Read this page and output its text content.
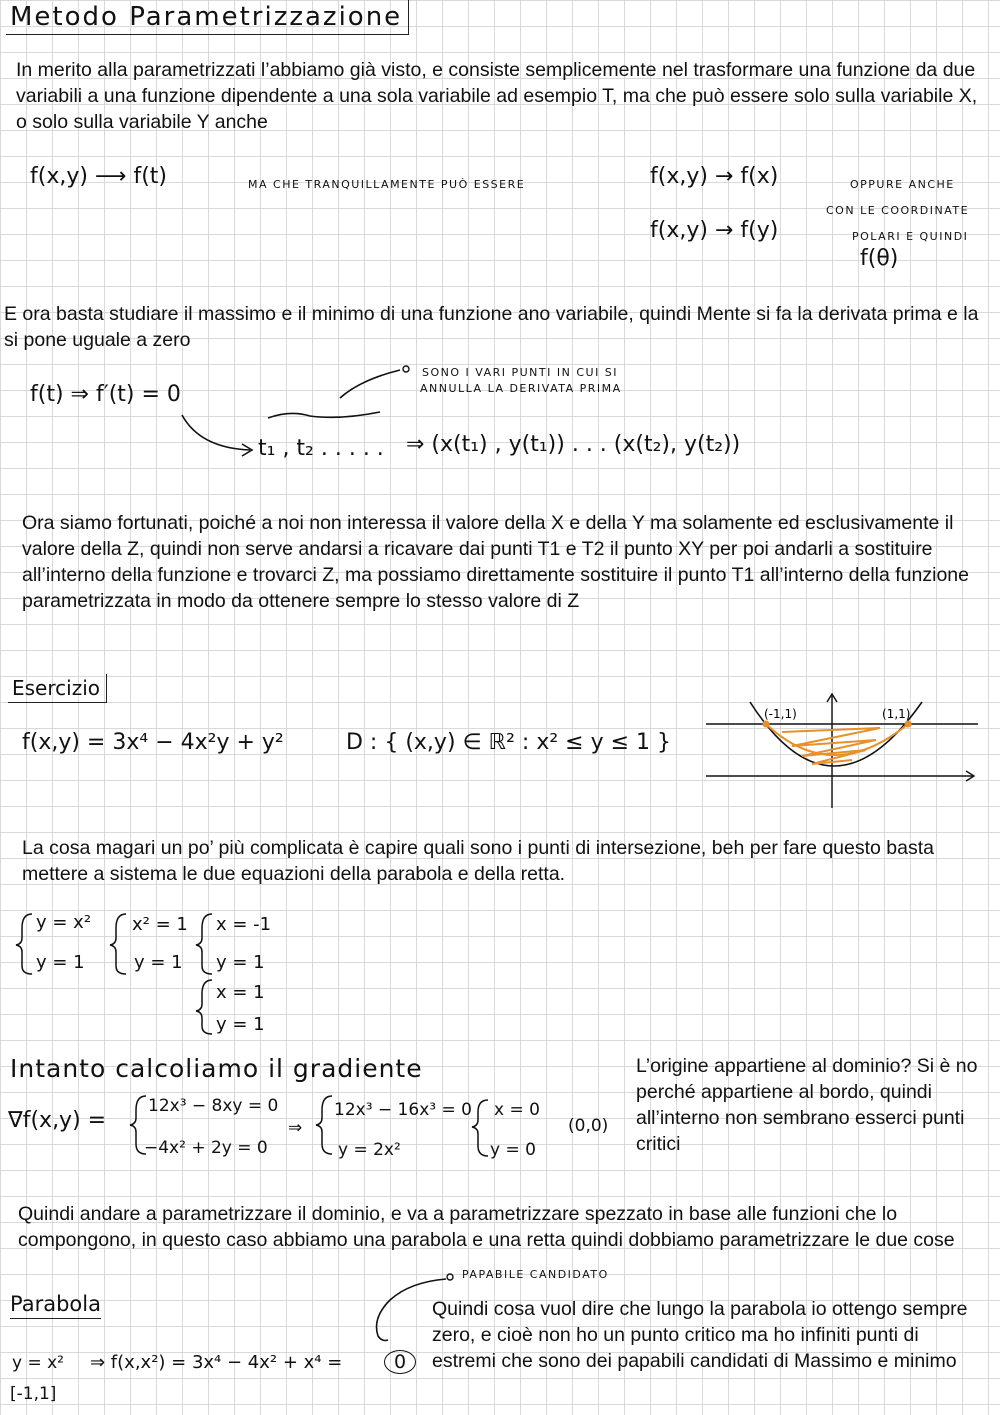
Metodo Parametrizzazione

In merito alla parametrizzati l’abbiamo già visto, e consiste semplicemente nel trasformare una funzione da due variabili a una funzione dipendente a una sola variabile ad esempio T, ma che può essere solo sulla variabile X, o solo sulla variabile Y anche

f(x,y) ⟶ f(t)	MA CHE TRANQUILLAMENTE PUÒ ESSERE	f(x,y) → f(x)	OPPURE ANCHE
CON LE COORDINATE
f(x,y) → f(y)	POLARI E QUINDI
f(θ)

E ora basta studiare il massimo e il minimo di una funzione ano variabile, quindi Mente si fa la derivata prima e la si pone uguale a zero

f(t) ⇒ f′(t) = 0
SONO I VARI PUNTI IN CUI SI
ANNULLA LA DERIVATA PRIMA
t₁ , t₂ . . . . . ⇒ (x(t₁) , y(t₁)) . . . (x(t₂), y(t₂))

Ora siamo fortunati, poiché a noi non interessa il valore della X e della Y ma solamente ed esclusivamente il valore della Z, quindi non serve andarsi a ricavare dai punti T1 e T2 il punto XY per poi andarli a sostituire all’interno della funzione e trovarci Z, ma possiamo direttamente sostituire il punto T1 all’interno della funzione parametrizzata in modo da ottenere sempre lo stesso valore di Z

Esercizio
f(x,y) = 3x⁴ − 4x²y + y²	D : { (x,y) ∈ ℝ² : x² ≤ y ≤ 1 }
(-1,1)	(1,1)

La cosa magari un po’ più complicata è capire quali sono i punti di intersezione, beh per fare questo basta mettere a sistema le due equazioni della parabola e della retta.

y = x²
y = 1
x² = 1
y = 1
x = -1
y = 1
x = 1
y = 1
Intanto calcoliamo il gradiente
∇f(x,y) =
12x³ − 8xy = 0
−4x² + 2y = 0
⇒
12x³ − 16x³ = 0
y = 2x²
x = 0
y = 0
(0,0)

L’origine appartiene al dominio? Si è no perché appartiene al bordo, quindi all’interno non sembrano esserci punti critici

Quindi andare a parametrizzare il dominio, e va a parametrizzare spezzato in base alle funzioni che lo compongono, in questo caso abbiamo una parabola e una retta quindi dobbiamo parametrizzare le due cose

PAPABILE CANDIDATO
Parabola
y = x²
[-1,1]
⇒ f(x,x²) = 3x⁴ − 4x² + x⁴ =	0

Quindi cosa vuol dire che lungo la parabola io ottengo sempre zero, e cioè non ho un punto critico ma ho infiniti punti di estremi che sono dei papabili candidati di Massimo e minimo
